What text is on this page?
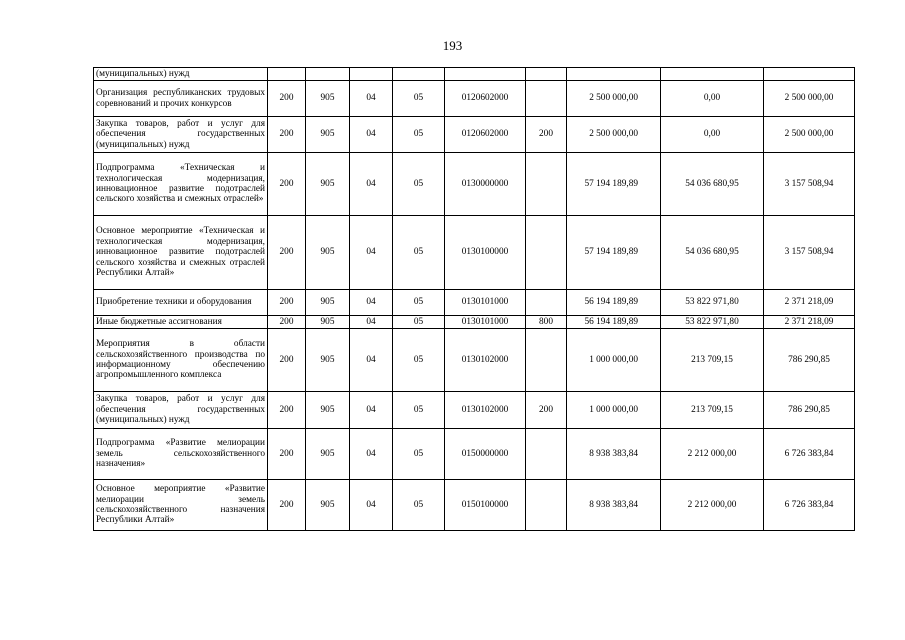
193
(муниципальных) нужд									
Организация республиканских трудовых соревнований и прочих конкурсов	200	905	04	05	0120602000		2 500 000,00	0,00	2 500 000,00
Закупка товаров, работ и услуг для обеспечения государственных (муниципальных) нужд	200	905	04	05	0120602000	200	2 500 000,00	0,00	2 500 000,00
Подпрограмма «Техническая и технологическая модернизация, инновационное развитие подотраслей сельского хозяйства и смежных отраслей»	200	905	04	05	0130000000		57 194 189,89	54 036 680,95	3 157 508,94
Основное мероприятие «Техническая и технологическая модернизация, инновационное развитие подотраслей сельского хозяйства и смежных отраслей Республики Алтай»	200	905	04	05	0130100000		57 194 189,89	54 036 680,95	3 157 508,94
Приобретение техники и оборудования	200	905	04	05	0130101000		56 194 189,89	53 822 971,80	2 371 218,09
Иные бюджетные ассигнования	200	905	04	05	0130101000	800	56 194 189,89	53 822 971,80	2 371 218,09
Мероприятия в области сельскохозяйственного производства по информационному обеспечению агропромышленного комплекса	200	905	04	05	0130102000		1 000 000,00	213 709,15	786 290,85
Закупка товаров, работ и услуг для обеспечения государственных (муниципальных) нужд	200	905	04	05	0130102000	200	1 000 000,00	213 709,15	786 290,85
Подпрограмма «Развитие мелиорации земель сельскохозяйственного назначения»	200	905	04	05	0150000000		8 938 383,84	2 212 000,00	6 726 383,84
Основное мероприятие «Развитие мелиорации земель сельскохозяйственного назначения Республики Алтай»	200	905	04	05	0150100000		8 938 383,84	2 212 000,00	6 726 383,84
